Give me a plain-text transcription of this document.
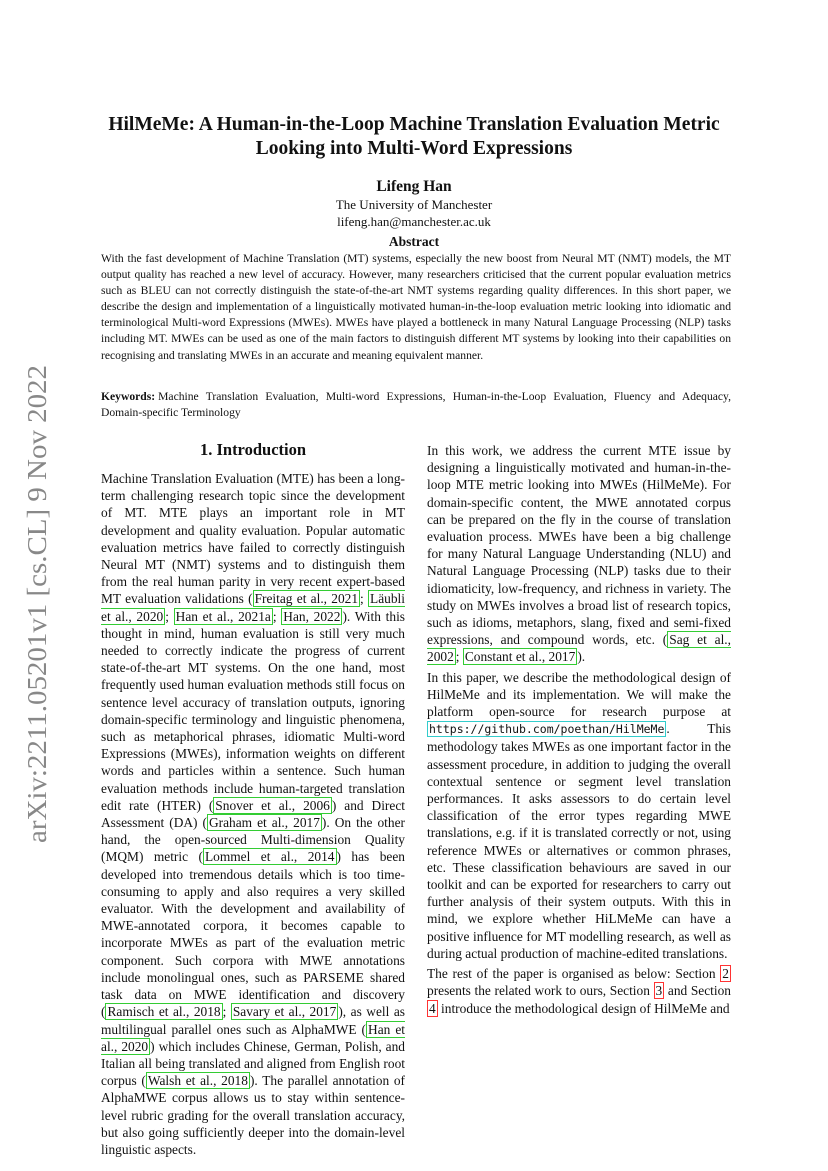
arXiv:2211.05201v1 [cs.CL] 9 Nov 2022
HilMeMe: A Human-in-the-Loop Machine Translation Evaluation Metric
Looking into Multi-Word Expressions
Lifeng Han
The University of Manchester
lifeng.han@manchester.ac.uk
Abstract
With the fast development of Machine Translation (MT) systems, especially the new boost from Neural MT (NMT) models, the MT output quality has reached a new level of accuracy. However, many researchers criticised that the current popular evaluation metrics such as BLEU can not correctly distinguish the state-of-the-art NMT systems regarding quality differences. In this short paper, we describe the design and implementation of a linguistically motivated human-in-the-loop evaluation metric looking into idiomatic and terminological Multi-word Expressions (MWEs). MWEs have played a bottleneck in many Natural Language Processing (NLP) tasks including MT. MWEs can be used as one of the main factors to distinguish different MT systems by looking into their capabilities on recognising and translating MWEs in an accurate and meaning equivalent manner.
Keywords: Machine Translation Evaluation, Multi-word Expressions, Human-in-the-Loop Evaluation, Fluency and Adequacy, Domain-specific Terminology
1. Introduction

Machine Translation Evaluation (MTE) has been a long-term challenging research topic since the development of MT. MTE plays an important role in MT development and quality evaluation. Popular automatic evaluation metrics have failed to correctly distinguish Neural MT (NMT) systems and to distinguish them from the real human parity in very recent expert-based MT evaluation validations ( Freitag et al., 2021 ; Läubli et al., 2020 ; Han et al., 2021a ; Han, 2022 ). With this thought in mind, human evaluation is still very much needed to correctly indicate the progress of current state-of-the-art MT systems. On the one hand, most frequently used human evaluation methods still focus on sentence level accuracy of translation outputs, ignoring domain-specific terminology and linguistic phenomena, such as metaphorical phrases, idiomatic Multi-word Expressions (MWEs), information weights on different words and particles within a sentence. Such human evaluation methods include human-targeted translation edit rate (HTER) ( Snover et al., 2006 ) and Direct Assessment (DA) ( Graham et al., 2017 ). On the other hand, the open-sourced Multi-dimension Quality (MQM) metric ( Lommel et al., 2014 ) has been developed into tremendous details which is too time-consuming to apply and also requires a very skilled evaluator. With the development and availability of MWE-annotated corpora, it becomes capable to incorporate MWEs as part of the evaluation metric component. Such corpora with MWE annotations include monolingual ones, such as PARSEME shared task data on MWE identification and discovery ( Ramisch et al., 2018 ; Savary et al., 2017 ), as well as multilingual parallel ones such as AlphaMWE ( Han et al., 2020 ) which includes Chinese, German, Polish, and Italian all being translated and aligned from English root corpus ( Walsh et al., 2018 ). The parallel annotation of AlphaMWE corpus allows us to stay within sentence-level rubric grading for the overall translation accuracy, but also going sufficiently deeper into the domain-level linguistic aspects.

In this work, we address the current MTE issue by designing a linguistically motivated and human-in-the-loop MTE metric looking into MWEs (HilMeMe). For domain-specific content, the MWE annotated corpus can be prepared on the fly in the course of translation evaluation process. MWEs have been a big challenge for many Natural Language Understanding (NLU) and Natural Language Processing (NLP) tasks due to their idiomaticity, low-frequency, and richness in variety. The study on MWEs involves a broad list of research topics, such as idioms, metaphors, slang, fixed and semi-fixed expressions, and compound words, etc. ( Sag et al., 2002 ; Constant et al., 2017 ).

In this paper, we describe the methodological design of HilMeMe and its implementation. We will make the platform open-source for research purpose at https://github.com/poethan/HilMeMe . This methodology takes MWEs as one important factor in the assessment procedure, in addition to judging the overall contextual sentence or segment level translation performances. It asks assessors to do certain level classification of the error types regarding MWE translations, e.g. if it is translated correctly or not, using reference MWEs or alternatives or common phrases, etc. These classification behaviours are saved in our toolkit and can be exported for researchers to carry out further analysis of their system outputs. With this in mind, we explore whether HiLMeMe can have a positive influence for MT modelling research, as well as during actual production of machine-edited translations.

The rest of the paper is organised as below: Section 2 presents the related work to ours, Section 3 and Section 4 introduce the methodological design of HilMeMe and
